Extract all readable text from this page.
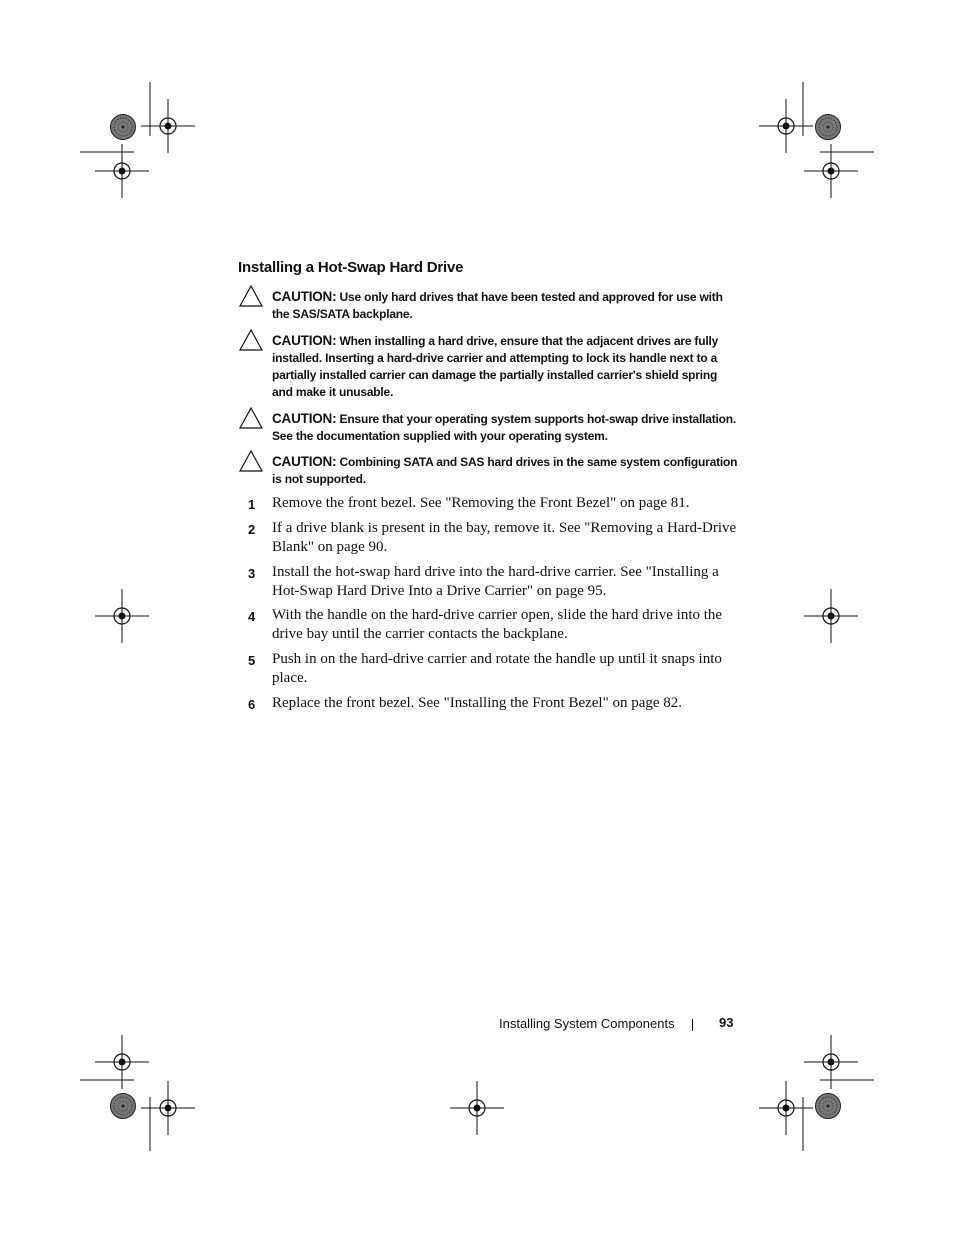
Installing a Hot-Swap Hard Drive
CAUTION: Use only hard drives that have been tested and approved for use with the SAS/SATA backplane.
CAUTION: When installing a hard drive, ensure that the adjacent drives are fully installed. Inserting a hard-drive carrier and attempting to lock its handle next to a partially installed carrier can damage the partially installed carrier's shield spring and make it unusable.
CAUTION: Ensure that your operating system supports hot-swap drive installation. See the documentation supplied with your operating system.
CAUTION: Combining SATA and SAS hard drives in the same system configuration is not supported.
1 Remove the front bezel. See "Removing the Front Bezel" on page 81.
2 If a drive blank is present in the bay, remove it. See "Removing a Hard-Drive Blank" on page 90.
3 Install the hot-swap hard drive into the hard-drive carrier. See "Installing a Hot-Swap Hard Drive Into a Drive Carrier" on page 95.
4 With the handle on the hard-drive carrier open, slide the hard drive into the drive bay until the carrier contacts the backplane.
5 Push in on the hard-drive carrier and rotate the handle up until it snaps into place.
6 Replace the front bezel. See "Installing the Front Bezel" on page 82.
Installing System Components	93
